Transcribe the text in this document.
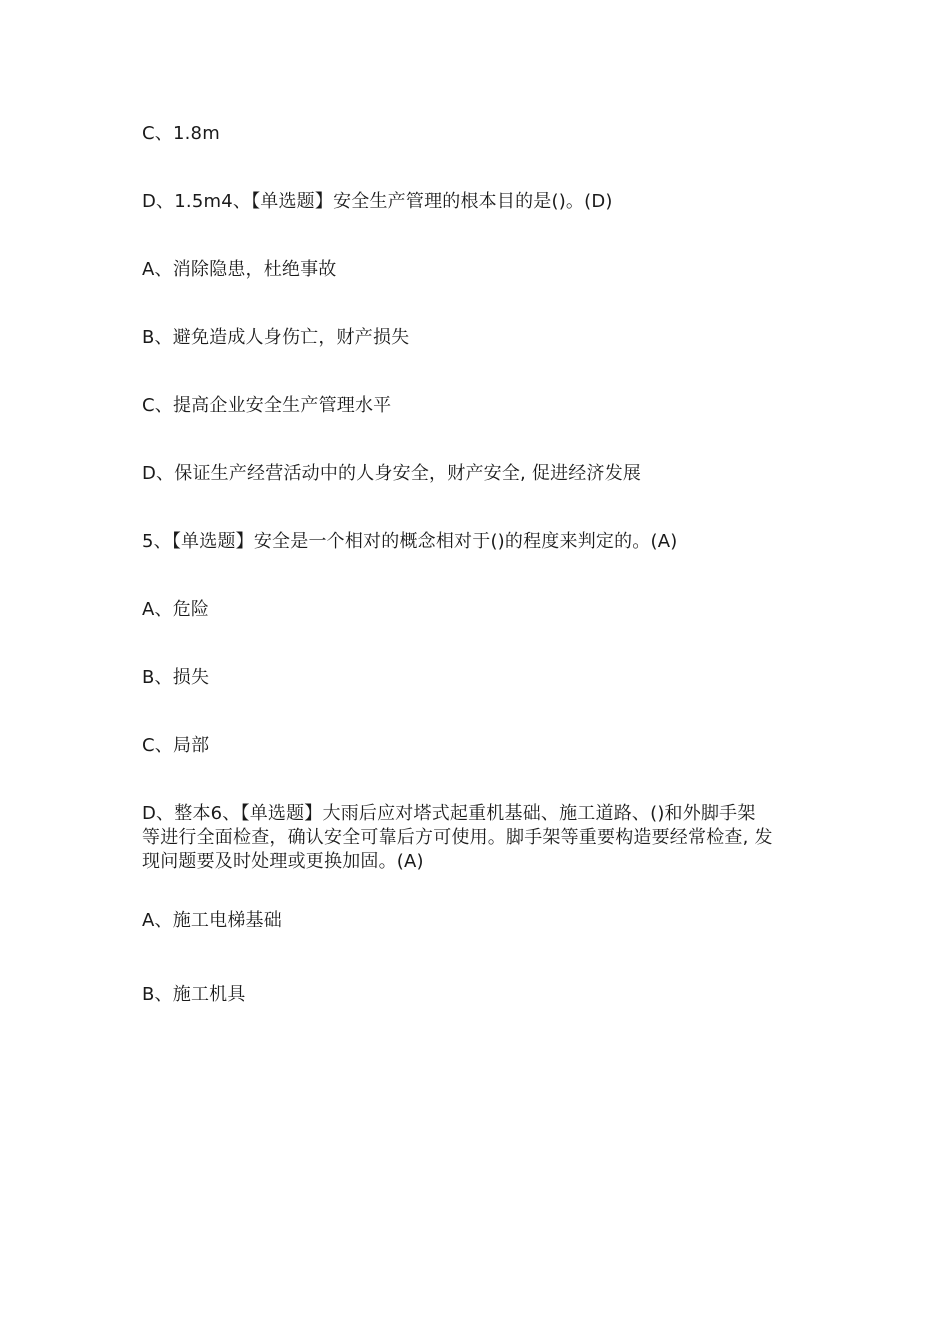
C、1.8m
D、1.5m4、【单选题】安全生产管理的根本目的是()。(D)
A、消除隐患，杜绝事故
B、避免造成人身伤亡，财产损失
C、提高企业安全生产管理水平
D、保证生产经营活动中的人身安全，财产安全, 促进经济发展
5、【单选题】安全是一个相对的概念相对于()的程度来判定的。(A)
A、危险
B、损失
C、局部
D、整本6、【单选题】大雨后应对塔式起重机基础、施工道路、()和外脚手架
等进行全面检查，确认安全可靠后方可使用。脚手架等重要构造要经常检查, 发
现问题要及时处理或更换加固。(A)
A、施工电梯基础
B、施工机具
